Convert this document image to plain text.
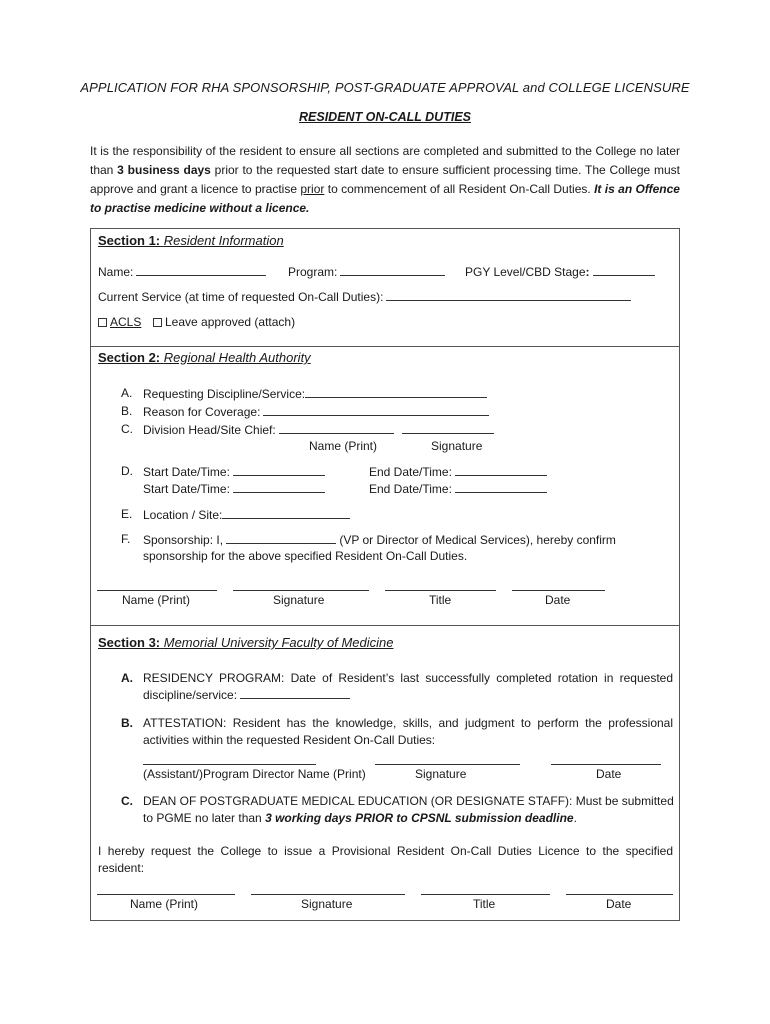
APPLICATION FOR RHA SPONSORSHIP, POST-GRADUATE APPROVAL and COLLEGE LICENSURE
RESIDENT ON-CALL DUTIES

It is the responsibility of the resident to ensure all sections are completed and submitted to the College no later than 3 business days prior to the requested start date to ensure sufficient processing time. The College must approve and grant a licence to practise prior to commencement of all Resident On-Call Duties. It is an Offence to practise medicine without a licence.

Section 1: Resident Information
Name:	Program:	PGY Level/CBD Stage:
Current Service (at time of requested On-Call Duties):
ACLS	Leave approved (attach)
Section 2: Regional Health Authority
A. Requesting Discipline/Service:
B. Reason for Coverage:
C. Division Head/Site Chief:
Name (Print)	Signature
D. Start Date/Time:	End Date/Time:
Start Date/Time:	End Date/Time:
E. Location / Site:
F. Sponsorship: I,	(VP or Director of Medical Services), hereby confirm
sponsorship for the above specified Resident On-Call Duties.
Name (Print)	Signature	Title	Date
Section 3: Memorial University Faculty of Medicine
A. RESIDENCY PROGRAM: Date of Resident’s last successfully completed rotation in requested discipline/service:
B. ATTESTATION: Resident has the knowledge, skills, and judgment to perform the professional activities within the requested Resident On-Call Duties:
(Assistant/)Program Director Name (Print)	Signature	Date
C. DEAN OF POSTGRADUATE MEDICAL EDUCATION (OR DESIGNATE STAFF): Must be submitted to PGME no later than 3 working days PRIOR to CPSNL submission deadline.
I hereby request the College to issue a Provisional Resident On-Call Duties Licence to the specified resident:
Name (Print)	Signature	Title	Date
